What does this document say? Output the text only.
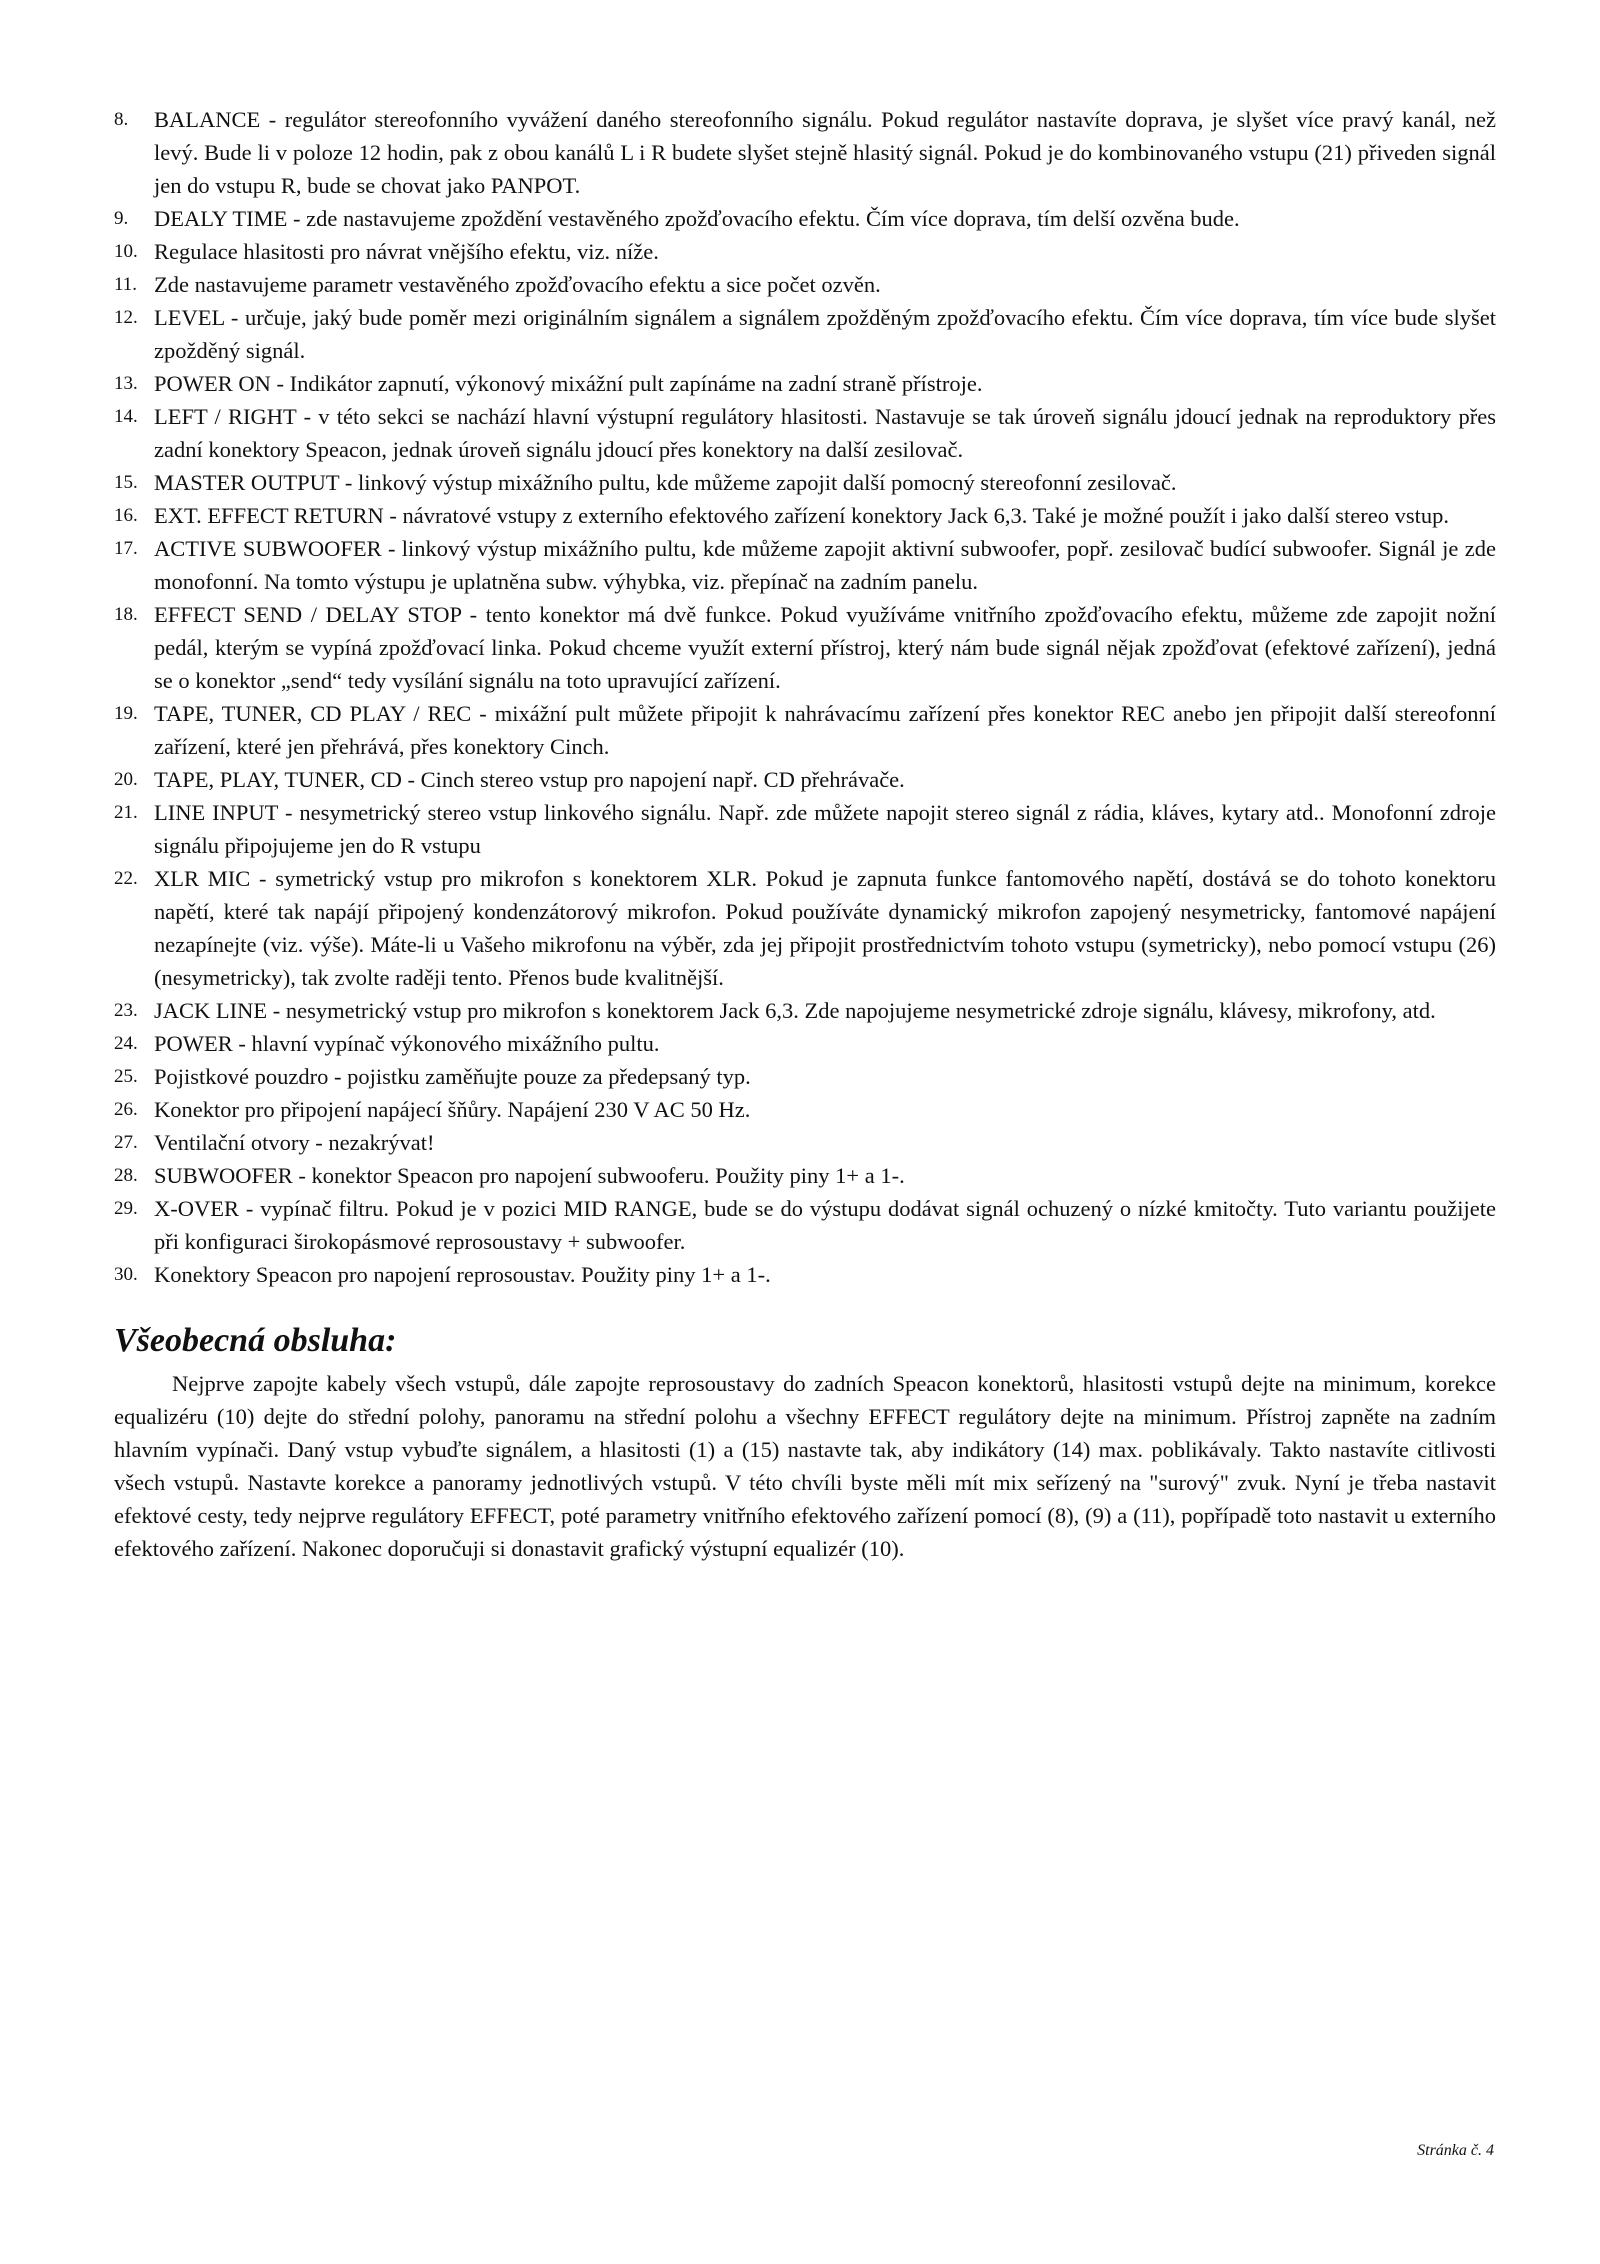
8.	BALANCE - regulátor stereofonního vyvážení daného stereofonního signálu. Pokud regulátor nastavíte doprava, je slyšet více pravý kanál, než levý. Bude li v poloze 12 hodin, pak z obou kanálů L i R budete slyšet stejně hlasitý signál. Pokud je do kombinovaného vstupu (21) přiveden signál jen do vstupu R, bude se chovat jako PANPOT.
9.	DEALY TIME - zde nastavujeme zpoždění vestavěného zpožďovacího efektu. Čím více doprava, tím delší ozvěna bude.
10. Regulace hlasitosti pro návrat vnějšího efektu, viz. níže.
11. Zde nastavujeme parametr vestavěného zpožďovacího efektu a sice počet ozvěn.
12. LEVEL - určuje, jaký bude poměr mezi originálním signálem a signálem zpožděným zpožďovacího efektu. Čím více doprava, tím více bude slyšet zpožděný signál.
13. POWER ON - Indikátor zapnutí, výkonový mixážní pult zapínáme na zadní straně přístroje.
14. LEFT / RIGHT - v této sekci se nachází hlavní výstupní regulátory hlasitosti. Nastavuje se tak úroveň signálu jdoucí jednak na reproduktory přes zadní konektory Speacon, jednak úroveň signálu jdoucí přes konektory na další zesilovač.
15. MASTER OUTPUT - linkový výstup mixážního pultu, kde můžeme zapojit další pomocný stereofonní zesilovač.
16. EXT. EFFECT RETURN - návratové vstupy z externího efektového zařízení konektory Jack 6,3. Také je možné použít i jako další stereo vstup.
17. ACTIVE SUBWOOFER - linkový výstup mixážního pultu, kde můžeme zapojit aktivní subwoofer, popř. zesilovač budící subwoofer. Signál je zde monofonní. Na tomto výstupu je uplatněna subw. výhybka, viz. přepínač na zadním panelu.
18. EFFECT SEND / DELAY STOP - tento konektor má dvě funkce. Pokud využíváme vnitřního zpožďovacího efektu, můžeme zde zapojit nožní pedál, kterým se vypíná zpožďovací linka. Pokud chceme využít externí přístroj, který nám bude signál nějak zpožďovat (efektové zařízení), jedná se o konektor „send“ tedy vysílání signálu na toto upravující zařízení.
19. TAPE, TUNER, CD PLAY / REC - mixážní pult můžete připojit k nahrávacímu zařízení přes konektor REC anebo jen připojit další stereofonní zařízení, které jen přehrává, přes konektory Cinch.
20. TAPE, PLAY, TUNER, CD - Cinch stereo vstup pro napojení např. CD přehrávače.
21. LINE INPUT - nesymetrický stereo vstup linkového signálu. Např. zde můžete napojit stereo signál z rádia, kláves, kytary atd.. Monofonní zdroje signálu připojujeme jen do R vstupu
22. XLR MIC - symetrický vstup pro mikrofon s konektorem XLR. Pokud je zapnuta funkce fantomového napětí, dostává se do tohoto konektoru napětí, které tak napájí připojený kondenzátorový mikrofon. Pokud používáte dynamický mikrofon zapojený nesymetricky, fantomové napájení nezapínejte (viz. výše). Máte-li u Vašeho mikrofonu na výběr, zda jej připojit prostřednictvím tohoto vstupu (symetricky), nebo pomocí vstupu (26) (nesymetricky), tak zvolte raději tento. Přenos bude kvalitnější.
23. JACK LINE - nesymetrický vstup pro mikrofon s konektorem Jack 6,3. Zde napojujeme nesymetrické zdroje signálu, klávesy, mikrofony, atd.
24. POWER - hlavní vypínač výkonového mixážního pultu.
25. Pojistkové pouzdro - pojistku zaměňujte pouze za předepsaný typ.
26. Konektor pro připojení napájecí šňůry. Napájení 230 V AC 50 Hz.
27. Ventilační otvory - nezakrývat!
28. SUBWOOFER - konektor Speacon pro napojení subwooferu. Použity piny 1+ a 1-.
29. X-OVER - vypínač filtru. Pokud je v pozici MID RANGE, bude se do výstupu dodávat signál ochuzený o nízké kmitočty. Tuto variantu použijete při konfiguraci širokopásmové reprosoustavy + subwoofer.
30. Konektory Speacon pro napojení reprosoustav. Použity piny 1+ a 1-.
Všeobecná obsluha:

Nejprve zapojte kabely všech vstupů, dále zapojte reprosoustavy do zadních Speacon konektorů, hlasitosti vstupů dejte na minimum, korekce equalizéru (10) dejte do střední polohy, panoramu na střední polohu a všechny EFFECT regulátory dejte na minimum. Přístroj zapněte na zadním hlavním vypínači. Daný vstup vybuďte signálem, a hlasitosti (1) a (15) nastavte tak, aby indikátory (14) max. poblikávaly. Takto nastavíte citlivosti všech vstupů. Nastavte korekce a panoramy jednotlivých vstupů. V této chvíli byste měli mít mix seřízený na "surový" zvuk. Nyní je třeba nastavit efektové cesty, tedy nejprve regulátory EFFECT, poté parametry vnitřního efektového zařízení pomocí (8), (9) a (11), popřípadě toto nastavit u externího efektového zařízení. Nakonec doporučuji si donastavit grafický výstupní equalizér (10).

Stránka č. 4
